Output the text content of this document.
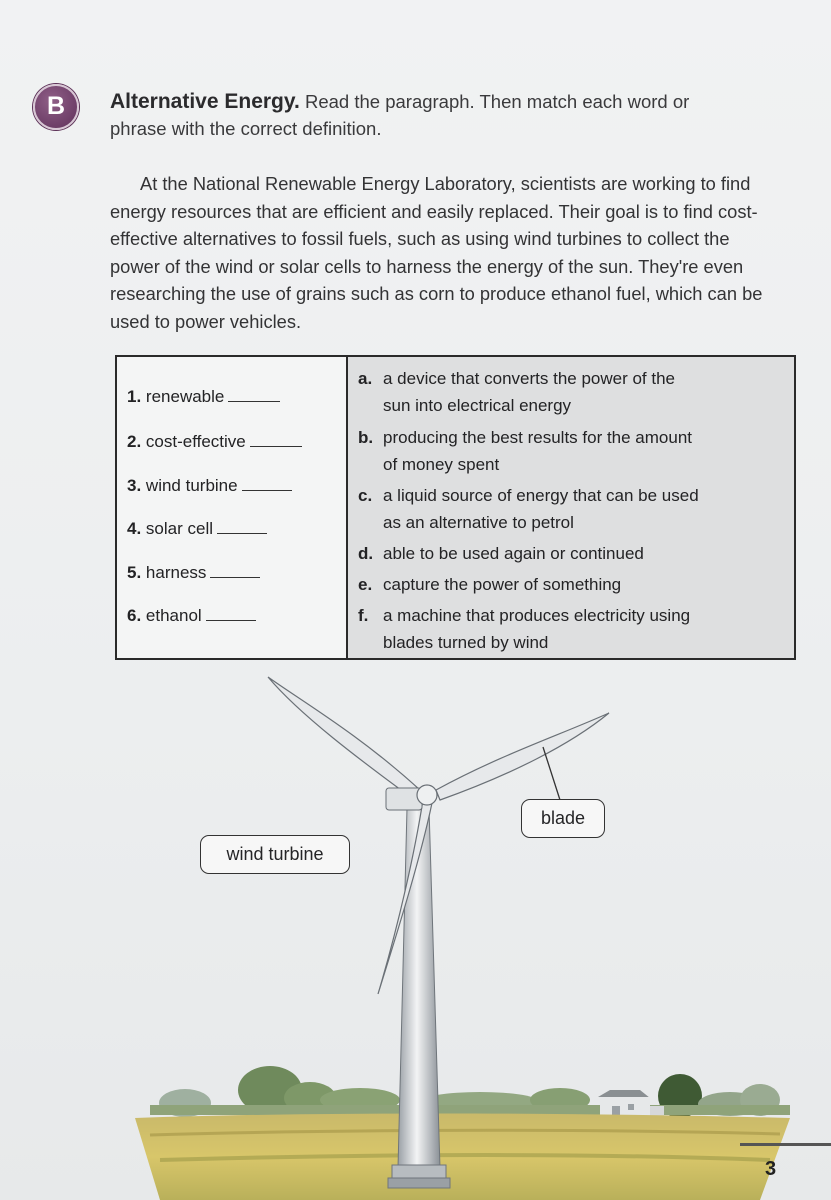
B	Alternative Energy. Read the paragraph. Then match each word or phrase with the correct definition.

At the National Renewable Energy Laboratory, scientists are working to find energy resources that are efficient and easily replaced. Their goal is to find cost-effective alternatives to fossil fuels, such as using wind turbines to collect the power of the wind or solar cells to harness the energy of the sun. They're even researching the use of grains such as corn to produce ethanol fuel, which can be used to power vehicles.

1. renewable
2. cost-effective
3. wind turbine
4. solar cell
5. harness
6. ethanol
a. a device that converts the power of the
sun into electrical energy
b. producing the best results for the amount
of money spent
c. a liquid source of energy that can be used
as an alternative to petrol
d. able to be used again or continued
e. capture the power of something
f. a machine that produces electricity using
blades turned by wind
wind turbine
blade
3
